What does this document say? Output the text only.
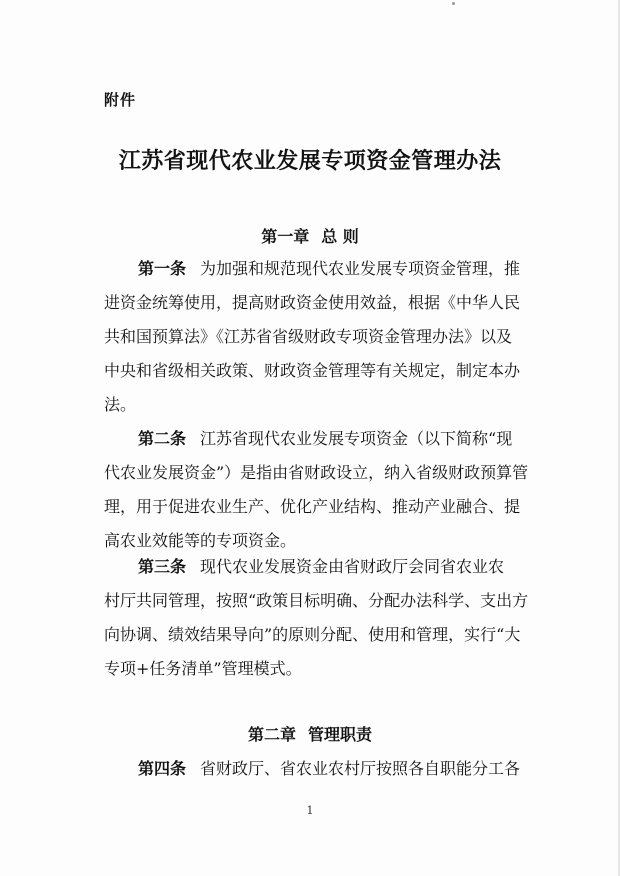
附件
江苏省现代农业发展专项资金管理办法
第一章 总 则
第一条 为加强和规范现代农业发展专项资金管理，推
进资金统筹使用，提高财政资金使用效益，根据《中华人民
共和国预算法》《江苏省省级财政专项资金管理办法》以及
中央和省级相关政策、财政资金管理等有关规定，制定本办
法。
第二条 江苏省现代农业发展专项资金（以下简称“现
代农业发展资金”）是指由省财政设立，纳入省级财政预算管
理，用于促进农业生产、优化产业结构、推动产业融合、提
高农业效能等的专项资金。
第三条 现代农业发展资金由省财政厅会同省农业农
村厅共同管理，按照“政策目标明确、分配办法科学、支出方
向协调、绩效结果导向”的原则分配、使用和管理，实行“大
专项+任务清单”管理模式。
第二章 管理职责
第四条 省财政厅、省农业农村厅按照各自职能分工各
1
